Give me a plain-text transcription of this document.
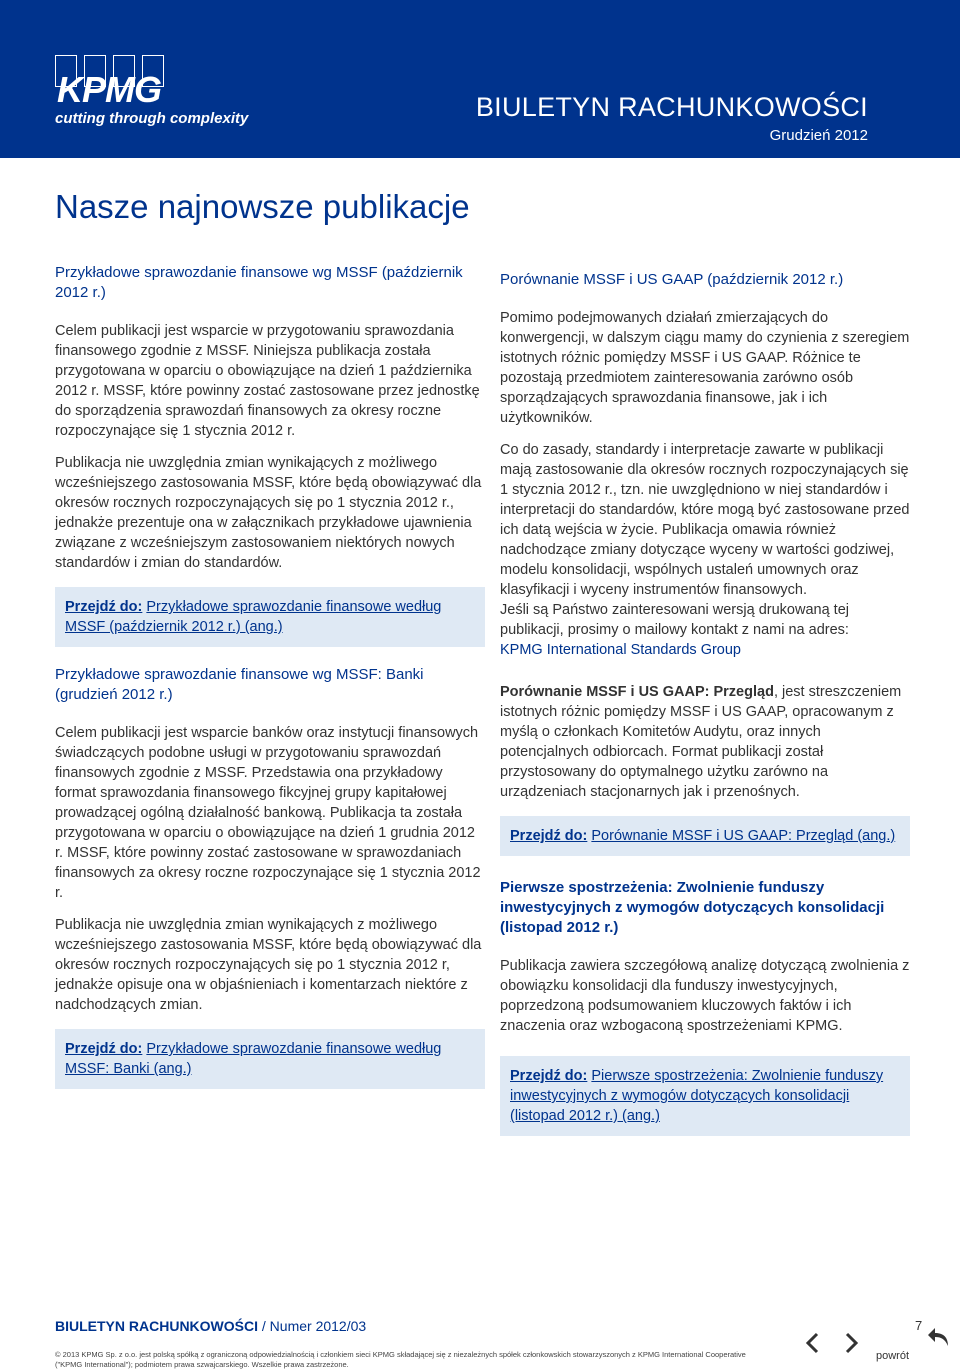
KPMG
cutting through complexity	BIULETYN RACHUNKOWOŚCI
Grudzień 2012
Nasze najnowsze publikacje

Przykładowe sprawozdanie finansowe wg MSSF (październik 2012 r.)

Celem publikacji jest wsparcie w przygotowaniu sprawozdania finansowego zgodnie z MSSF. Niniejsza publikacja została przygotowana w oparciu o obowiązujące na dzień 1 października 2012 r. MSSF, które powinny zostać zastosowane przez jednostkę do sporządzenia sprawozdań finansowych za okresy roczne rozpoczynające się 1 stycznia 2012 r.

Publikacja nie uwzględnia zmian wynikających z możliwego wcześniejszego zastosowania MSSF, które będą obowiązywać dla okresów rocznych rozpoczynających się po 1 stycznia 2012 r., jednakże prezentuje ona w załącznikach przykładowe ujawnienia związane z wcześniejszym zastosowaniem niektórych nowych standardów i zmian do standardów.

Przejdź do: Przykładowe sprawozdanie finansowe według MSSF (październik 2012 r.) (ang.)

Przykładowe sprawozdanie finansowe wg MSSF: Banki (grudzień 2012 r.)

Celem publikacji jest wsparcie banków oraz instytucji finansowych świadczących podobne usługi w przygotowaniu sprawozdań finansowych zgodnie z MSSF. Przedstawia ona przykładowy format sprawozdania finansowego fikcyjnej grupy kapitałowej prowadzącej ogólną działalność bankową. Publikacja ta została przygotowana w oparciu o obowiązujące na dzień 1 grudnia 2012 r. MSSF, które powinny zostać zastosowane w sprawozdaniach finansowych za okresy roczne rozpoczynające się 1 stycznia 2012 r.

Publikacja nie uwzględnia zmian wynikających z możliwego wcześniejszego zastosowania MSSF, które będą obowiązywać dla okresów rocznych rozpoczynających się po 1 stycznia 2012 r, jednakże opisuje ona w objaśnieniach i komentarzach niektóre z nadchodzących zmian.

Przejdź do: Przykładowe sprawozdanie finansowe według MSSF: Banki (ang.)

Porównanie MSSF i US GAAP (październik 2012 r.)

Pomimo podejmowanych działań zmierzających do konwergencji, w dalszym ciągu mamy do czynienia z szeregiem istotnych różnic pomiędzy MSSF i US GAAP. Różnice te pozostają przedmiotem zainteresowania zarówno osób sporządzających sprawozdania finansowe, jak i ich użytkowników.

Co do zasady, standardy i interpretacje zawarte w publikacji mają zastosowanie dla okresów rocznych rozpoczynających się 1 stycznia 2012 r., tzn. nie uwzględniono w niej standardów i interpretacji do standardów, które mogą być zastosowane przed ich datą wejścia w życie. Publikacja omawia również nadchodzące zmiany dotyczące wyceny w wartości godziwej, modelu konsolidacji, wspólnych ustaleń umownych oraz klasyfikacji i wyceny instrumentów finansowych.

Jeśli są Państwo zainteresowani wersją drukowaną tej publikacji, prosimy o mailowy kontakt z nami na adres:

KPMG International Standards Group

Porównanie MSSF i US GAAP: Przegląd, jest streszczeniem istotnych różnic pomiędzy MSSF i US GAAP, opracowanym z myślą o członkach Komitetów Audytu, oraz innych potencjalnych odbiorcach. Format publikacji został przystosowany do optymalnego użytku zarówno na urządzeniach stacjonarnych jak i przenośnych.

Przejdź do: Porównanie MSSF i US GAAP: Przegląd (ang.)

Pierwsze spostrzeżenia: Zwolnienie funduszy inwestycyjnych z wymogów dotyczących konsolidacji (listopad 2012 r.)

Publikacja zawiera szczegółową analizę dotyczącą zwolnienia z obowiązku konsolidacji dla funduszy inwestycyjnych, poprzedzoną podsumowaniem kluczowych faktów i ich znaczenia oraz wzbogaconą spostrzeżeniami KPMG.

Przejdź do: Pierwsze spostrzeżenia: Zwolnienie funduszy inwestycyjnych z wymogów dotyczących konsolidacji (listopad 2012 r.) (ang.)
BIULETYN RACHUNKOWOŚCI / Numer 2012/03	7
© 2013 KPMG Sp. z o.o. jest polską spółką z ograniczoną odpowiedzialnością i członkiem sieci KPMG składającej się z niezależnych spółek członkowskich stowarzyszonych z KPMG International Cooperative ("KPMG International"); podmiotem prawa szwajcarskiego. Wszelkie prawa zastrzeżone.
powrót
